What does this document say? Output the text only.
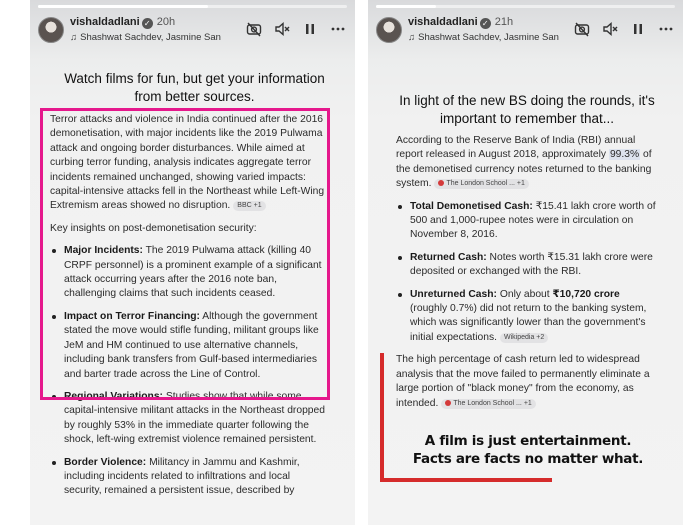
vishaldadlani ✓ 20h
♫ Shashwat Sachdev, Jasmine San
Watch films for fun, but get your information from better sources.

Terror attacks and violence in India continued after the 2016 demonetisation, with major incidents like the 2019 Pulwama attack and ongoing border disturbances. While aimed at curbing terror funding, analysis indicates aggregate terror incidents remained unchanged, showing varied impacts: capital-intensive attacks fell in the Northeast while Left-Wing Extremism areas showed no disruption. BBC +1

Key insights on post-demonetisation security:

Major Incidents: The 2019 Pulwama attack (killing 40 CRPF personnel) is a prominent example of a significant attack occurring years after the 2016 note ban, challenging claims that such incidents ceased.
Impact on Terror Financing: Although the government stated the move would stifle funding, militant groups like JeM and HM continued to use alternative channels, including bank transfers from Gulf-based intermediaries and barter trade across the Line of Control.
Regional Variations: Studies show that while some capital-intensive militant attacks in the Northeast dropped by roughly 53% in the immediate quarter following the shock, left-wing extremist violence remained persistent.
Border Violence: Militancy in Jammu and Kashmir, including incidents related to infiltrations and local security, remained a persistent issue, described by
vishaldadlani ✓ 21h
♫ Shashwat Sachdev, Jasmine San
In light of the new BS doing the rounds, it's important to remember that...

According to the Reserve Bank of India (RBI) annual report released in August 2018, approximately 99.3% of the demonetised currency notes returned to the banking system. The London School ... +1

Total Demonetised Cash: ₹15.41 lakh crore worth of 500 and 1,000-rupee notes were in circulation on November 8, 2016.
Returned Cash: Notes worth ₹15.31 lakh crore were deposited or exchanged with the RBI.
Unreturned Cash: Only about ₹10,720 crore (roughly 0.7%) did not return to the banking system, which was significantly lower than the government's initial expectations. Wikipedia +2

The high percentage of cash return led to widespread analysis that the move failed to permanently eliminate a large portion of "black money" from the economy, as intended. The London School ... +1

A film is just entertainment.
Facts are facts no matter what.
